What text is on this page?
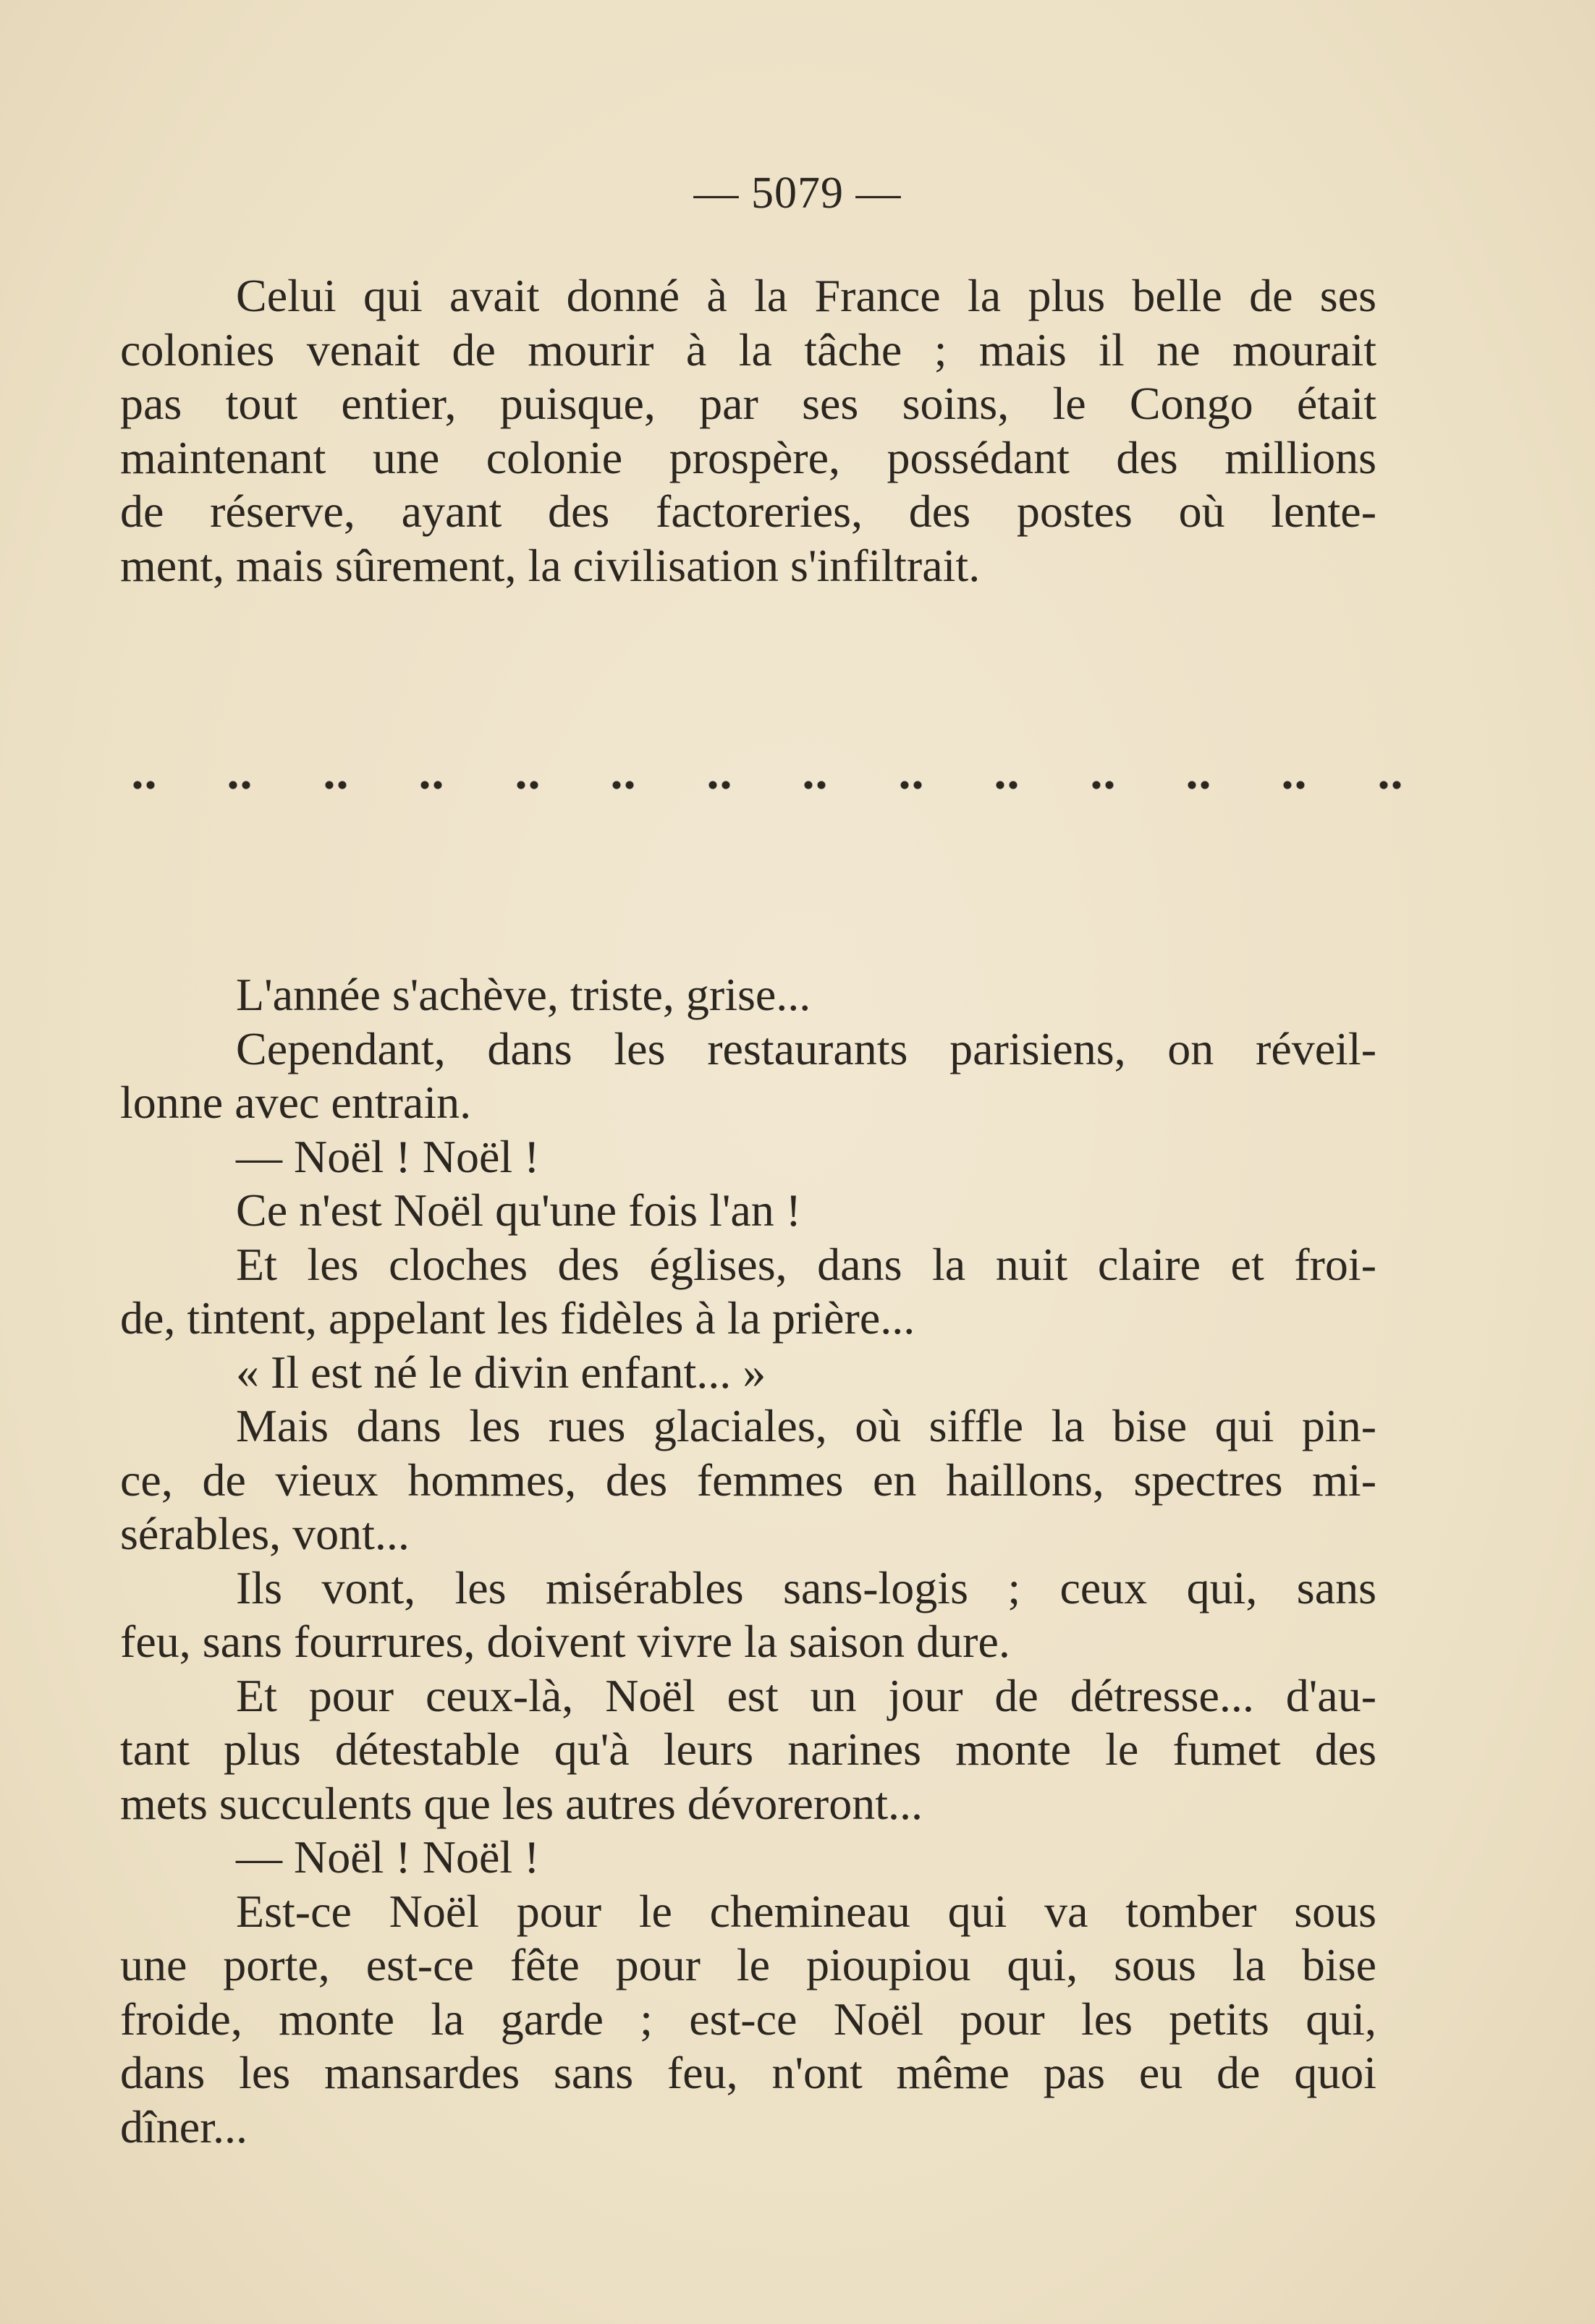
— 5079 —
Celui qui avait donné à la France la plus belle de ses
colonies venait de mourir à la tâche ; mais il ne mourait
pas tout entier, puisque, par ses soins, le Congo était
maintenant une colonie prospère, possédant des millions
de réserve, ayant des factoreries, des postes où lente-
ment, mais sûrement, la civilisation s'infiltrait.
L'année s'achève, triste, grise...
Cependant, dans les restaurants parisiens, on réveil-
lonne avec entrain.
— Noël ! Noël !
Ce n'est Noël qu'une fois l'an !
Et les cloches des églises, dans la nuit claire et froi-
de, tintent, appelant les fidèles à la prière...
« Il est né le divin enfant... »
Mais dans les rues glaciales, où siffle la bise qui pin-
ce, de vieux hommes, des femmes en haillons, spectres mi-
sérables, vont...
Ils vont, les misérables sans-logis ; ceux qui, sans
feu, sans fourrures, doivent vivre la saison dure.
Et pour ceux-là, Noël est un jour de détresse... d'au-
tant plus détestable qu'à leurs narines monte le fumet des
mets succulents que les autres dévoreront...
— Noël ! Noël !
Est-ce Noël pour le chemineau qui va tomber sous
une porte, est-ce fête pour le pioupiou qui, sous la bise
froide, monte la garde ; est-ce Noël pour les petits qui,
dans les mansardes sans feu, n'ont même pas eu de quoi
dîner...
